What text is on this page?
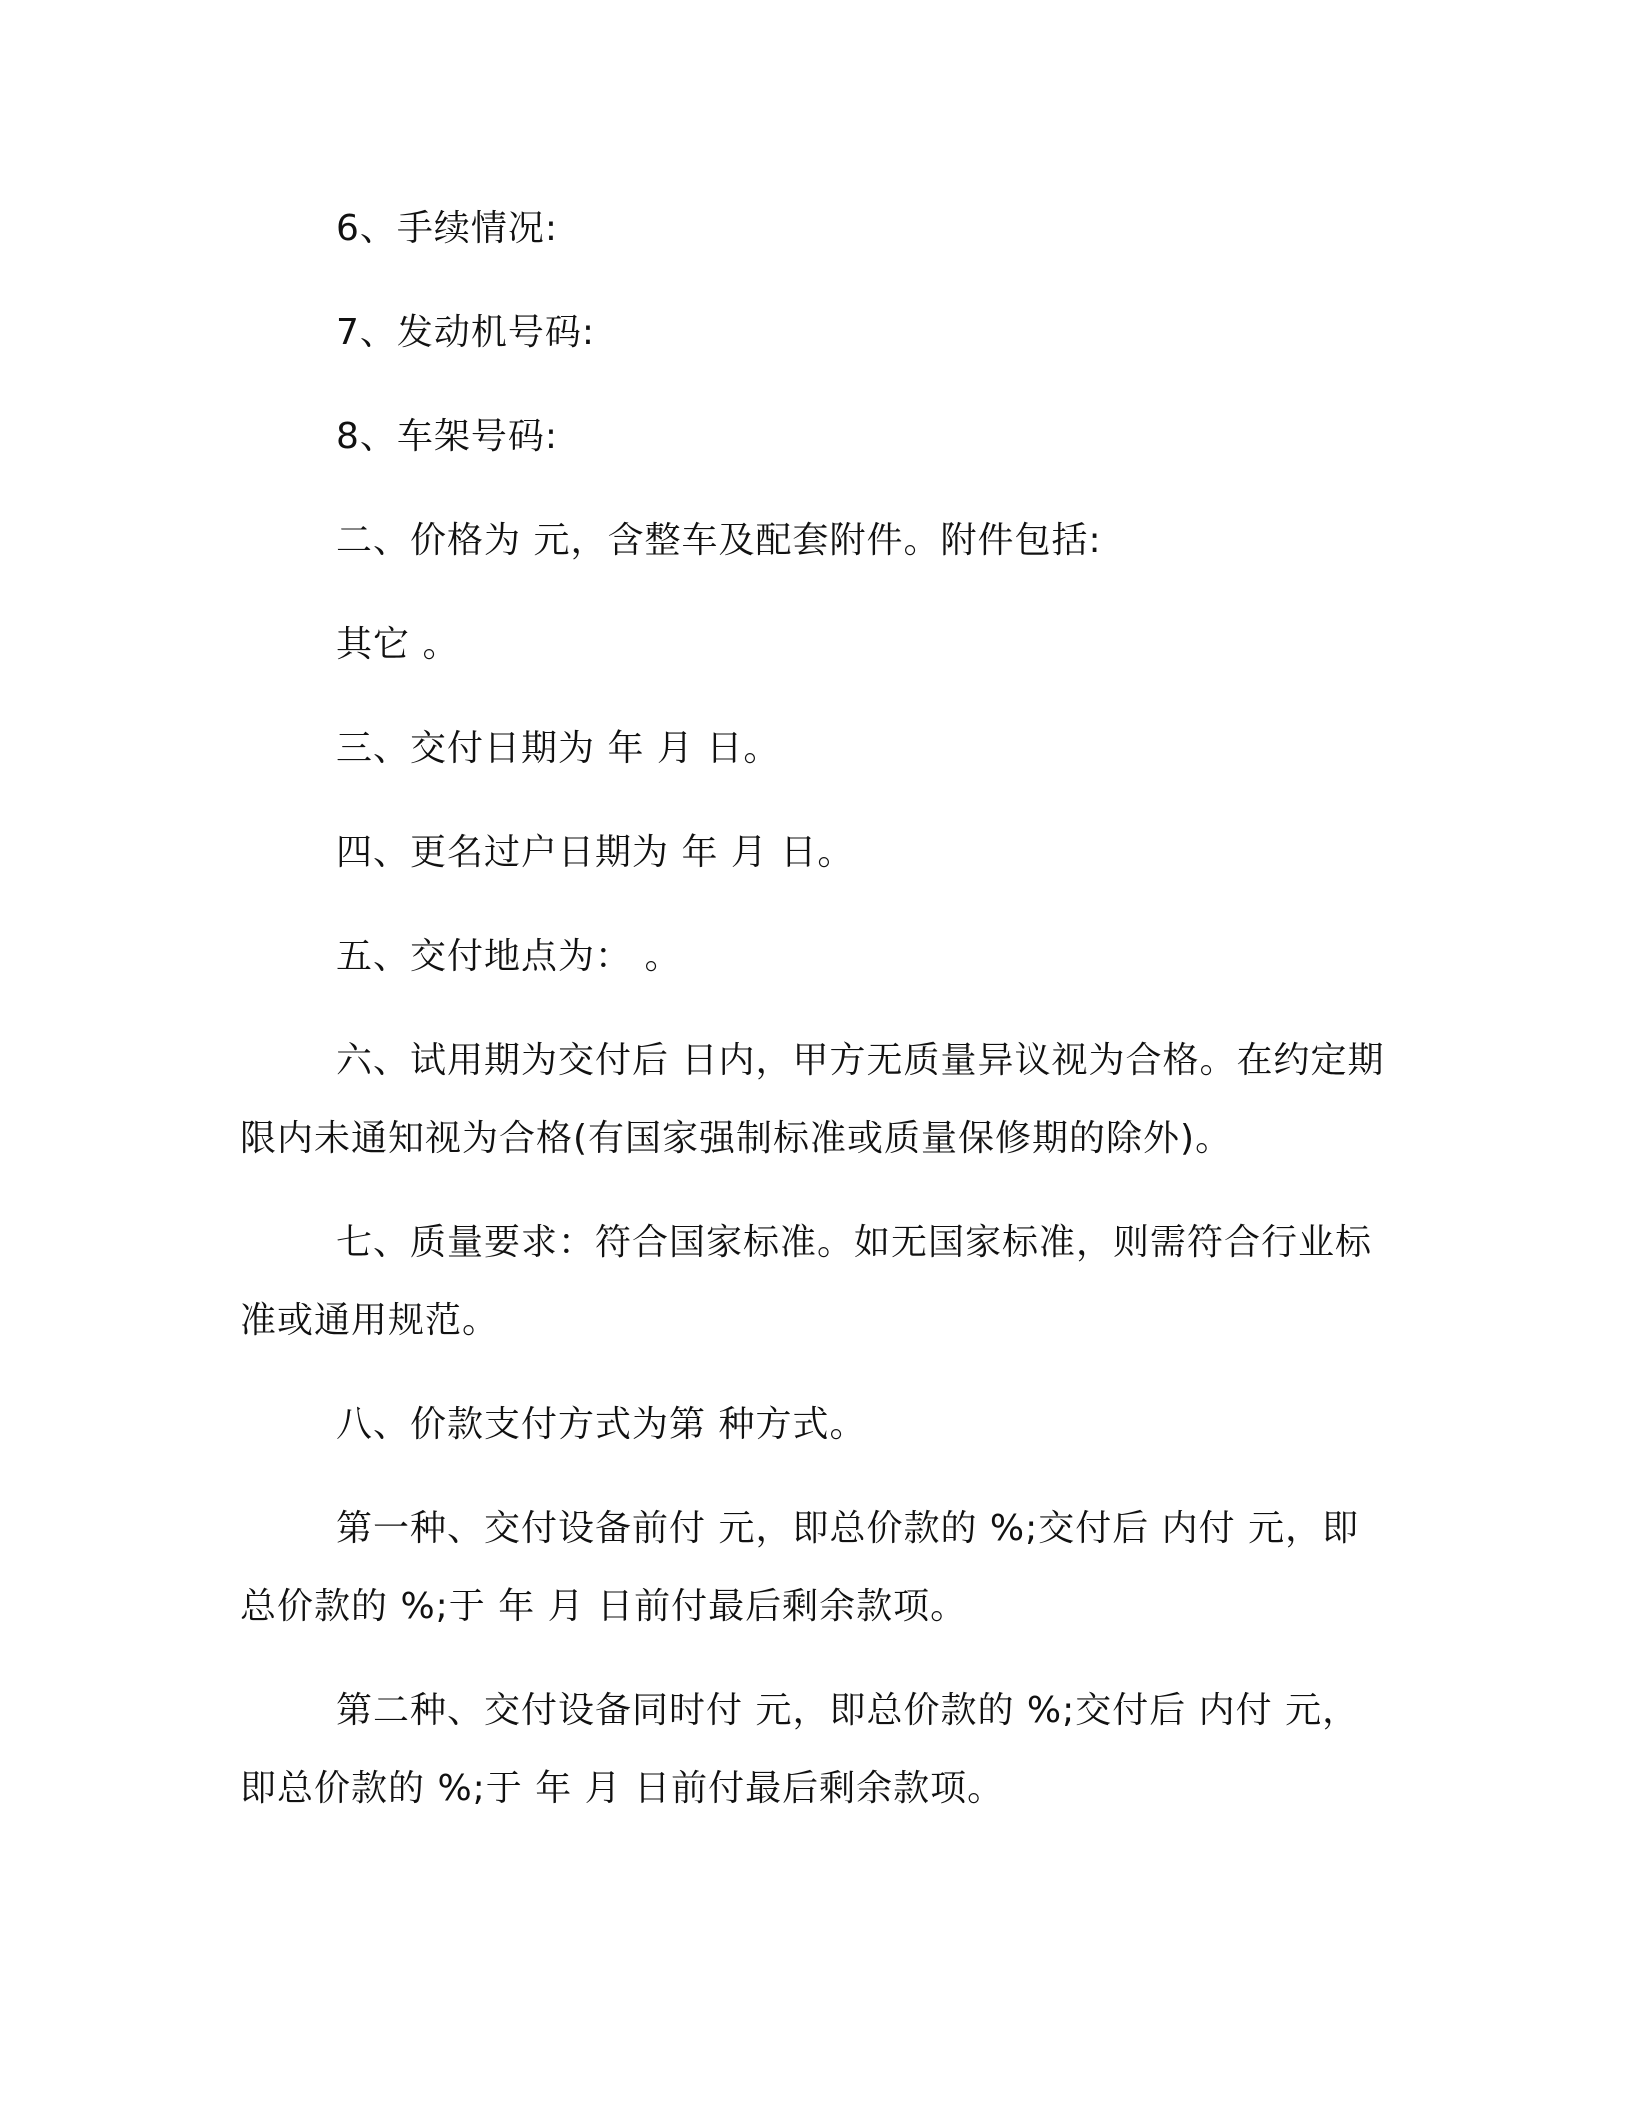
6、手续情况:

7、发动机号码:

8、车架号码:

二、价格为 元，含整车及配套附件。附件包括:

其它 。

三、交付日期为 年 月 日。

四、更名过户日期为 年 月 日。

五、交付地点为： 。

六、试用期为交付后 日内，甲方无质量异议视为合格。在约定期限内未通知视为合格(有国家强制标准或质量保修期的除外)。

七、质量要求：符合国家标准。如无国家标准，则需符合行业标准或通用规范。

八、价款支付方式为第 种方式。

第一种、交付设备前付 元，即总价款的 %;交付后 内付 元，即总价款的 %;于 年 月 日前付最后剩余款项。

第二种、交付设备同时付 元，即总价款的 %;交付后 内付 元，即总价款的 %;于 年 月 日前付最后剩余款项。
